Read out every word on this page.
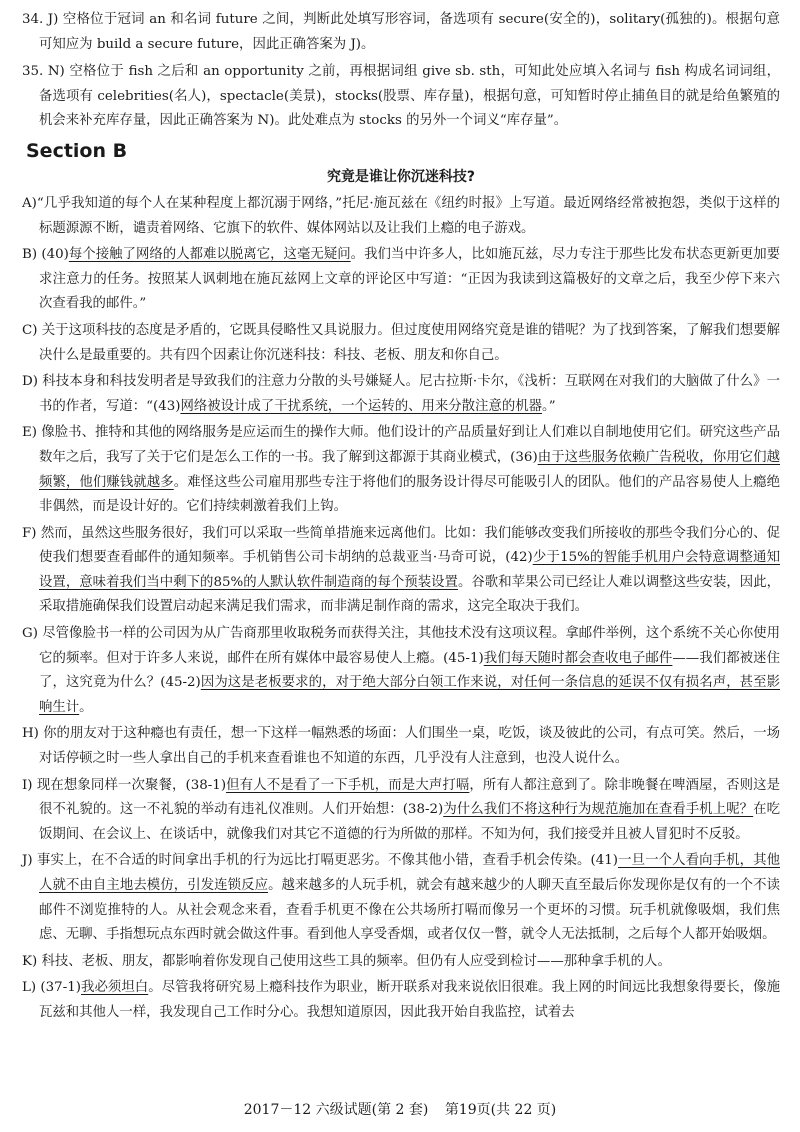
34. J) 空格位于冠词 an 和名词 future 之间，判断此处填写形容词，备选项有 secure(安全的)，solitary(孤独的)。根据句意可知应为 build a secure future，因此正确答案为 J)。
35. N) 空格位于 fish 之后和 an opportunity 之前，再根据词组 give sb. sth，可知此处应填入名词与 fish 构成名词词组，备选项有 celebrities(名人)，spectacle(美景)，stocks(股票、库存量)，根据句意，可知暂时停止捕鱼目的就是给鱼繁殖的机会来补充库存量，因此正确答案为 N)。此处难点为 stocks 的另外一个词义“库存量”。
Section B
究竟是谁让你沉迷科技?
A)“几乎我知道的每个人在某种程度上都沉溺于网络，”托尼·施瓦兹在《纽约时报》上写道。最近网络经常被抱怨，类似于这样的标题源源不断，谴责着网络、它旗下的软件、媒体网站以及让我们上瘾的电子游戏。
B) (40)每个接触了网络的人都难以脱离它，这毫无疑问。我们当中许多人，比如施瓦兹，尽力专注于那些比发布状态更新更加要求注意力的任务。按照某人讽刺地在施瓦兹网上文章的评论区中写道：“正因为我读到这篇极好的文章之后，我至少停下来六次查看我的邮件。”
C) 关于这项科技的态度是矛盾的，它既具侵略性又具说服力。但过度使用网络究竟是谁的错呢？为了找到答案，了解我们想要解决什么是最重要的。共有四个因素让你沉迷科技：科技、老板、朋友和你自己。
D) 科技本身和科技发明者是导致我们的注意力分散的头号嫌疑人。尼古拉斯·卡尔，《浅析：互联网在对我们的大脑做了什么》一书的作者，写道：“(43)网络被设计成了干扰系统，一个运转的、用来分散注意的机器。”
E) 像脸书、推特和其他的网络服务是应运而生的操作大师。他们设计的产品质量好到让人们难以自制地使用它们。研究这些产品数年之后，我写了关于它们是怎么工作的一书。我了解到这都源于其商业模式，(36)由于这些服务依赖广告税收，你用它们越频繁，他们赚钱就越多。难怪这些公司雇用那些专注于将他们的服务设计得尽可能吸引人的团队。他们的产品容易使人上瘾绝非偶然，而是设计好的。它们持续刺激着我们上钩。
F) 然而，虽然这些服务很好，我们可以采取一些简单措施来远离他们。比如：我们能够改变我们所接收的那些令我们分心的、促使我们想要查看邮件的通知频率。手机销售公司卡胡纳的总裁亚当·马奇可说，(42)少于15%的智能手机用户会特意调整通知设置，意味着我们当中剩下的85%的人默认软件制造商的每个预装设置。谷歌和苹果公司已经让人难以调整这些安装，因此，采取措施确保我们设置启动起来满足我们需求，而非满足制作商的需求，这完全取决于我们。
G) 尽管像脸书一样的公司因为从广告商那里收取税务而获得关注，其他技术没有这项议程。拿邮件举例，这个系统不关心你使用它的频率。但对于许多人来说，邮件在所有媒体中最容易使人上瘾。(45-1)我们每天随时都会查收电子邮件——我们都被迷住了，这究竟为什么？(45-2)因为这是老板要求的，对于绝大部分白领工作来说，对任何一条信息的延误不仅有损名声，甚至影响生计。
H) 你的朋友对于这种瘾也有责任，想一下这样一幅熟悉的场面：人们围坐一桌，吃饭，谈及彼此的公司，有点可笑。然后，一场对话停顿之时一些人拿出自己的手机来查看谁也不知道的东西，几乎没有人注意到，也没人说什么。
I) 现在想象同样一次聚餐，(38-1)但有人不是看了一下手机，而是大声打嗝，所有人都注意到了。除非晚餐在啤酒屋，否则这是很不礼貌的。这一不礼貌的举动有违礼仪准则。人们开始想：(38-2)为什么我们不将这种行为规范施加在查看手机上呢？在吃饭期间、在会议上、在谈话中，就像我们对其它不道德的行为所做的那样。不知为何，我们接受并且被人冒犯时不反驳。
J) 事实上，在不合适的时间拿出手机的行为远比打嗝更恶劣。不像其他小错，查看手机会传染。(41)一旦一个人看向手机，其他人就不由自主地去模仿，引发连锁反应。越来越多的人玩手机，就会有越来越少的人聊天直至最后你发现你是仅有的一个不读邮件不浏览推特的人。从社会观念来看，查看手机更不像在公共场所打嗝而像另一个更坏的习惯。玩手机就像吸烟，我们焦虑、无聊、手指想玩点东西时就会做这件事。看到他人享受香烟，或者仅仅一瞥，就令人无法抵制，之后每个人都开始吸烟。
K) 科技、老板、朋友，都影响着你发现自己使用这些工具的频率。但仍有人应受到检讨——那种拿手机的人。
L) (37-1)我必须坦白。尽管我将研究易上瘾科技作为职业，断开联系对我来说依旧很难。我上网的时间远比我想象得要长，像施瓦兹和其他人一样，我发现自己工作时分心。我想知道原因，因此我开始自我监控，试着去
2017－12 六级试题(第 2 套) 第19页(共 22 页)
